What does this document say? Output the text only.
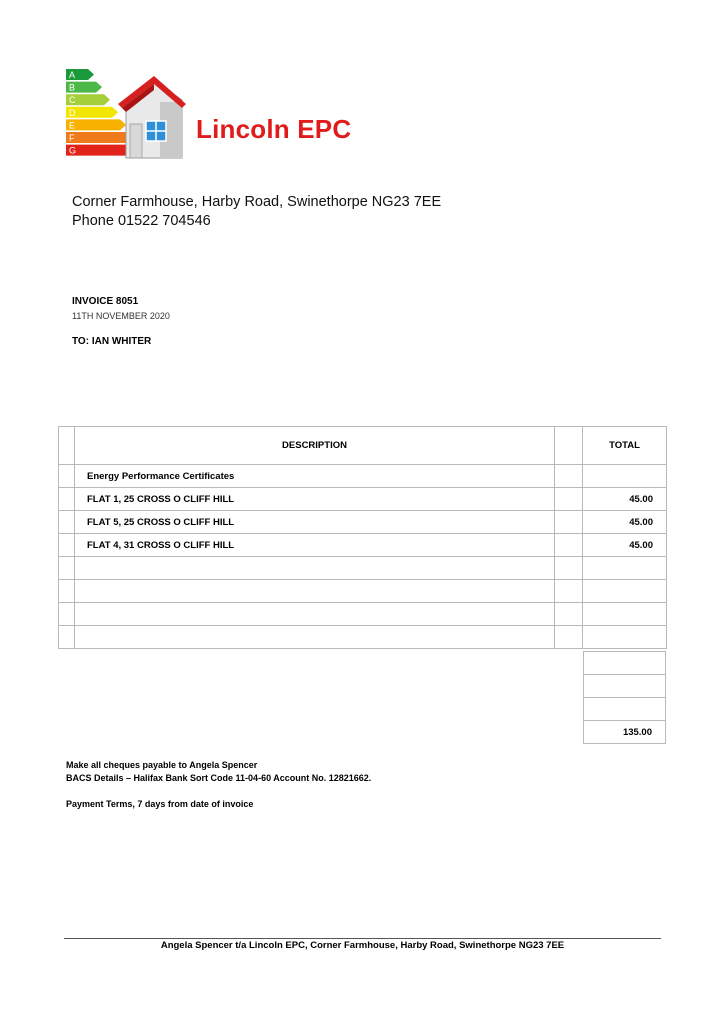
A
B
C
D
E
F
G
Lincoln EPC
Corner Farmhouse, Harby Road, Swinethorpe NG23 7EE
Phone 01522 704546
INVOICE 8051
11TH NOVEMBER 2020
TO: IAN WHITER
	DESCRIPTION		TOTAL
	Energy Performance Certificates		
	FLAT 1, 25 CROSS O CLIFF HILL		45.00
	FLAT 5, 25 CROSS O CLIFF HILL		45.00
	FLAT 4, 31 CROSS O CLIFF HILL		45.00

135.00
Make all cheques payable to Angela Spencer
BACS Details – Halifax Bank Sort Code 11-04-60 Account No. 12821662.
Payment Terms, 7 days from date of invoice
Angela Spencer t/a Lincoln EPC, Corner Farmhouse, Harby Road, Swinethorpe NG23 7EE
